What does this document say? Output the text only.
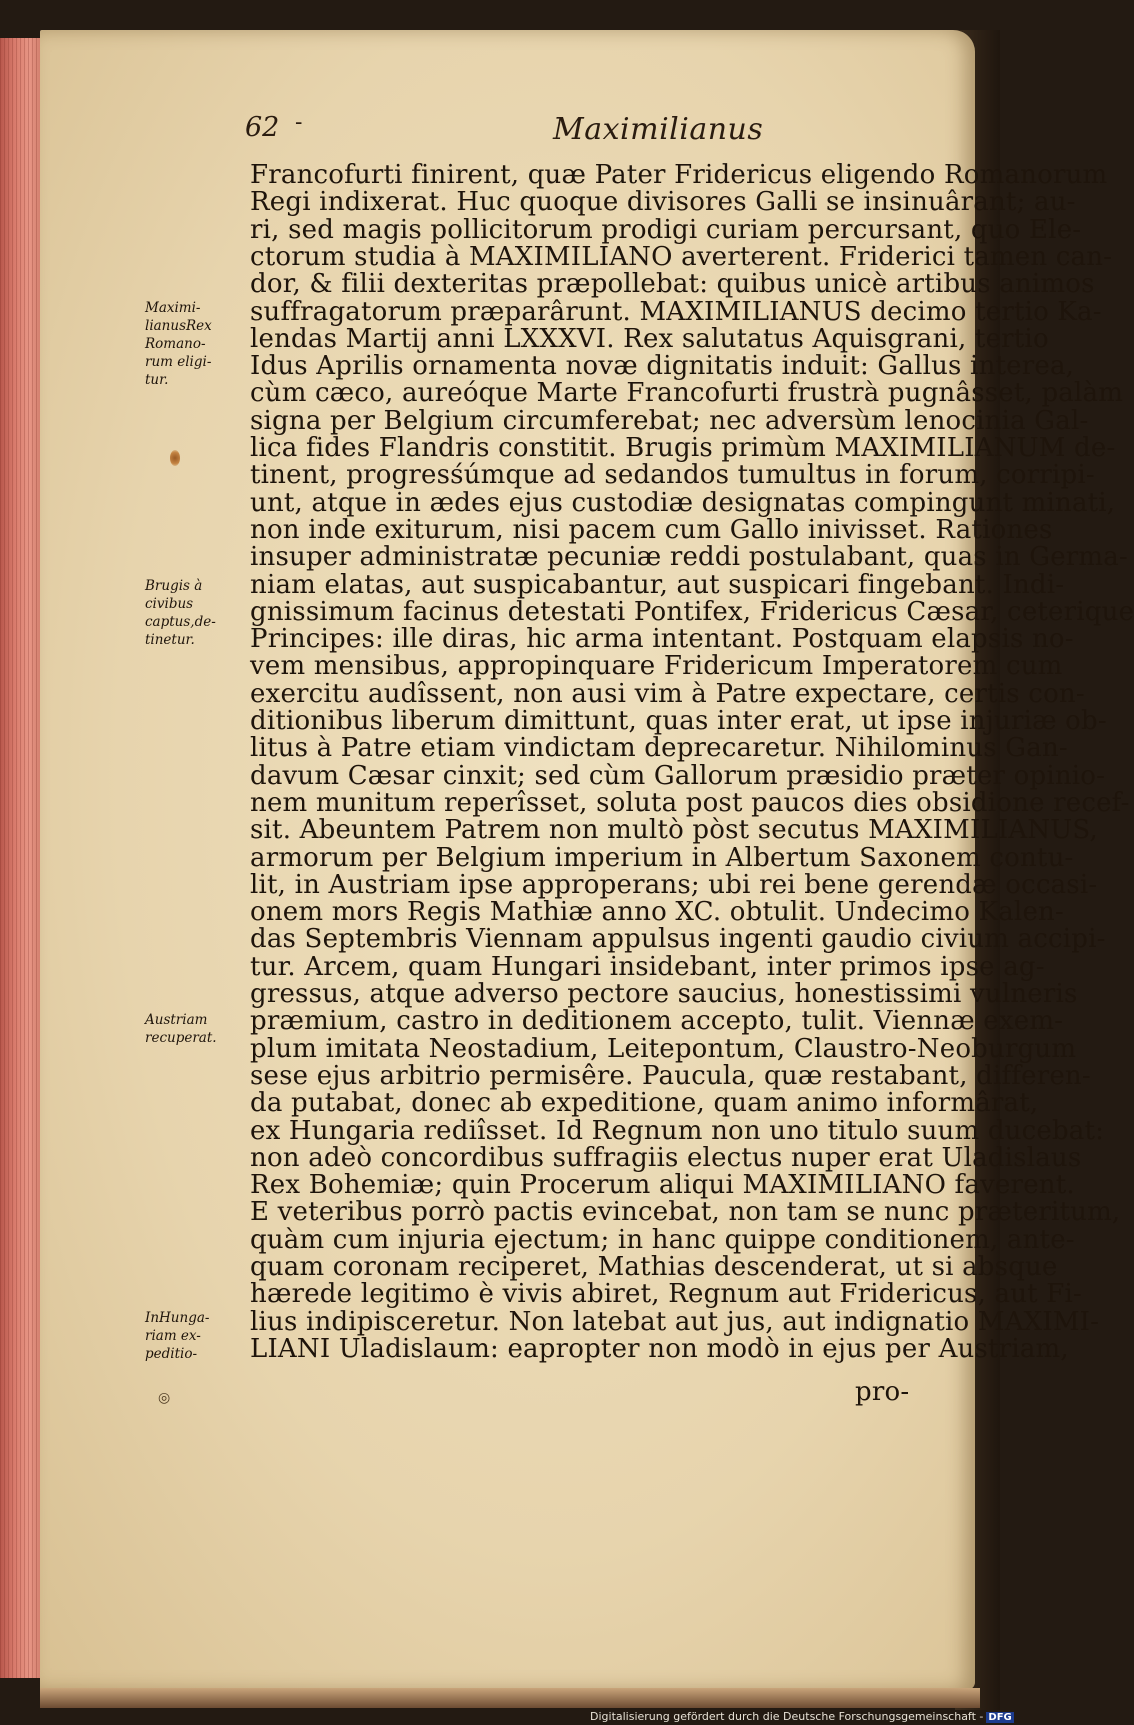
62 -	Maximilianus
Francofurti finirent, quæ Pater Fridericus eligendo Romanorum
Regi indixerat. Huc quoque divisores Galli se insinuârant; au-
ri, sed magis pollicitorum prodigi curiam percursant, quo Ele-
ctorum studia à MAXIMILIANO averterent. Friderici tamen can-
dor, & filii dexteritas præpollebat: quibus unicè artibus animos
suffragatorum præparârunt. MAXIMILIANUS decimo tertio Ka-
lendas Martij anni LXXXVI. Rex salutatus Aquisgrani, tertio
Idus Aprilis ornamenta novæ dignitatis induit: Gallus interea,
cùm cæco, aureóque Marte Francofurti frustrà pugnâsset, palàm
signa per Belgium circumferebat; nec adversùm lenocinia Gal-
lica fides Flandris constitit. Brugis primùm MAXIMILIANUM de-
tinent, progresśúmque ad sedandos tumultus in forum, corripi-
unt, atque in ædes ejus custodiæ designatas compingunt minati,
non inde exiturum, nisi pacem cum Gallo inivisset. Rationes
insuper administratæ pecuniæ reddi postulabant, quas in Germa-
niam elatas, aut suspicabantur, aut suspicari fingebant. Indi-
gnissimum facinus detestati Pontifex, Fridericus Cæsar, ceterique
Principes: ille diras, hic arma intentant. Postquam elapsis no-
vem mensibus, appropinquare Fridericum Imperatorem cum
exercitu audîssent, non ausi vim à Patre expectare, certis con-
ditionibus liberum dimittunt, quas inter erat, ut ipse injuriæ ob-
litus à Patre etiam vindictam deprecaretur. Nihilominus Gan-
davum Cæsar cinxit; sed cùm Gallorum præsidio præter opinio-
nem munitum reperîsset, soluta post paucos dies obsidione recef-
sit. Abeuntem Patrem non multò pòst secutus MAXIMILIANUS,
armorum per Belgium imperium in Albertum Saxonem contu-
lit, in Austriam ipse approperans; ubi rei bene gerendæ occasi-
onem mors Regis Mathiæ anno XC. obtulit. Undecimo Kalen-
das Septembris Viennam appulsus ingenti gaudio civium accipi-
tur. Arcem, quam Hungari insidebant, inter primos ipse ag-
gressus, atque adverso pectore saucius, honestissimi vulneris
præmium, castro in deditionem accepto, tulit. Viennæ exem-
plum imitata Neostadium, Leitepontum, Claustro-Neoburgum
sese ejus arbitrio permisêre. Paucula, quæ restabant, differen-
da putabat, donec ab expeditione, quam animo informârat,
ex Hungaria rediîsset. Id Regnum non uno titulo suum ducebat:
non adeò concordibus suffragiis electus nuper erat Uladislaus
Rex Bohemiæ; quin Procerum aliqui MAXIMILIANO faverent.
E veteribus porrò pactis evincebat, non tam se nunc præteritum,
quàm cum injuria ejectum; in hanc quippe conditionem, ante-
quam coronam reciperet, Mathias descenderat, ut si absque
hærede legitimo è vivis abiret, Regnum aut Fridericus, aut Fi-
lius indipisceretur. Non latebat aut jus, aut indignatio MAXIMI-
LIANI Uladislaum: eapropter non modò in ejus per Austriam,
◎
Maximi-
lianusRex
Romano-
rum eligi-
tur.
Brugis à
civibus
captus,de-
tinetur.
Austriam
recuperat.
InHunga-
riam ex-
peditio-
pro-
Digitalisierung gefördert durch die Deutsche Forschungsgemeinschaft - DFG
